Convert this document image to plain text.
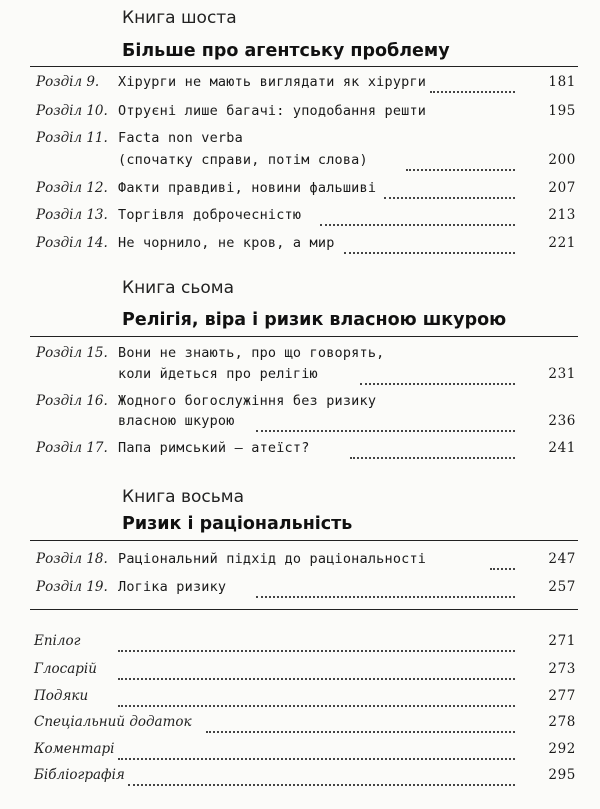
Книга шоста
Більше про агентську проблему
Розділ 9. Хірурги не мають виглядати як хірурги	181
Розділ 10. Отруєні лише багачі: уподобання решти	195
Розділ 11. Facta non verba
(спочатку справи, потім слова)	200
Розділ 12. Факти правдиві, новини фальшиві	207
Розділ 13. Торгівля доброчесністю	213
Розділ 14. Не чорнило, не кров, а мир	221
Книга сьома
Релігія, віра і ризик власною шкурою
Розділ 15. Вони не знають, про що говорять,
коли йдеться про релігію	231
Розділ 16. Жодного богослужіння без ризику
власною шкурою	236
Розділ 17. Папа римський — атеїст?	241
Книга восьма
Ризик і раціональність
Розділ 18. Раціональний підхід до раціональності	247
Розділ 19. Логіка ризику	257
Епілог	271
Глосарій	273
Подяки	277
Спеціальний додаток	278
Коментарі	292
Бібліографія	295
